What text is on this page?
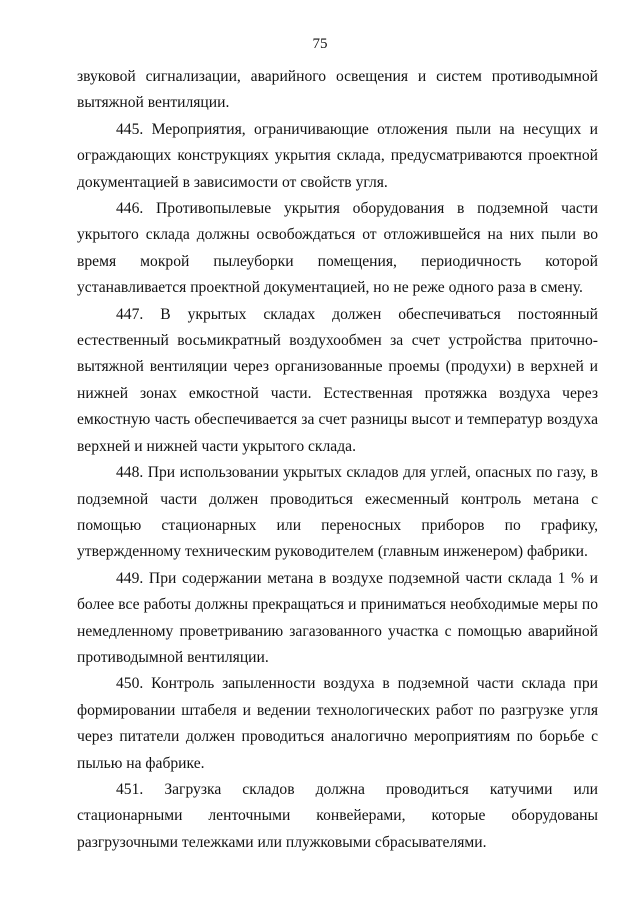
75

звуковой сигнализации, аварийного освещения и систем противодымной вытяжной вентиляции.

445. Мероприятия, ограничивающие отложения пыли на несущих и ограждающих конструкциях укрытия склада, предусматриваются проектной документацией в зависимости от свойств угля.

446. Противопылевые укрытия оборудования в подземной части укрытого склада должны освобождаться от отложившейся на них пыли во время мокрой пылеуборки помещения, периодичность которой устанавливается проектной документацией, но не реже одного раза в смену.

447. В укрытых складах должен обеспечиваться постоянный естественный восьмикратный воздухообмен за счет устройства приточно-вытяжной вентиляции через организованные проемы (продухи) в верхней и нижней зонах емкостной части. Естественная протяжка воздуха через емкостную часть обеспечивается за счет разницы высот и температур воздуха верхней и нижней части укрытого склада.

448. При использовании укрытых складов для углей, опасных по газу, в подземной части должен проводиться ежесменный контроль метана с помощью стационарных или переносных приборов по графику, утвержденному техническим руководителем (главным инженером) фабрики.

449. При содержании метана в воздухе подземной части склада 1 % и более все работы должны прекращаться и приниматься необходимые меры по немедленному проветриванию загазованного участка с помощью аварийной противодымной вентиляции.

450. Контроль запыленности воздуха в подземной части склада при формировании штабеля и ведении технологических работ по разгрузке угля через питатели должен проводиться аналогично мероприятиям по борьбе с пылью на фабрике.

451. Загрузка складов должна проводиться катучими или стационарными ленточными конвейерами, которые оборудованы разгрузочными тележками или плужковыми сбрасывателями.
